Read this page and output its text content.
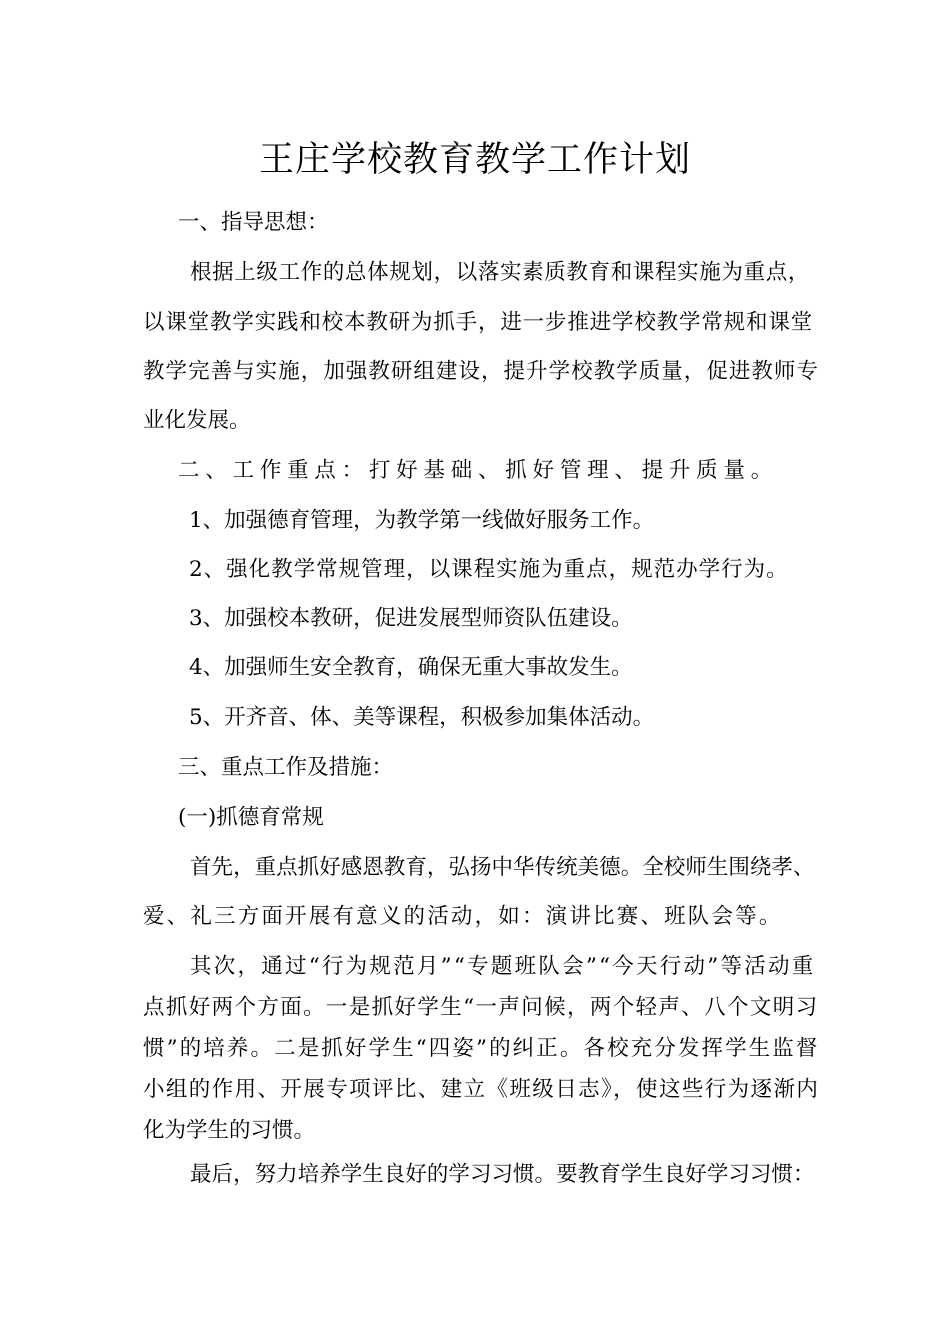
王庄学校教育教学工作计划
一、指导思想：
根据上级工作的总体规划，以落实素质教育和课程实施为重点，
以课堂教学实践和校本教研为抓手，进一步推进学校教学常规和课堂
教学完善与实施，加强教研组建设，提升学校教学质量，促进教师专
业化发展。
二、工作重点：打好基础、抓好管理、提升质量。
1、加强德育管理，为教学第一线做好服务工作。
2、强化教学常规管理，以课程实施为重点，规范办学行为。
3、加强校本教研，促进发展型师资队伍建设。
4、加强师生安全教育，确保无重大事故发生。
5、开齐音、体、美等课程，积极参加集体活动。
三、重点工作及措施：
(一)抓德育常规
首先，重点抓好感恩教育，弘扬中华传统美德。全校师生围绕孝、
爱、礼三方面开展有意义的活动，如：演讲比赛、班队会等。
其次，通过“行为规范月”“专题班队会”“今天行动”等活动重
点抓好两个方面。一是抓好学生“一声问候，两个轻声、八个文明习
惯”的培养。二是抓好学生“四姿”的纠正。各校充分发挥学生监督
小组的作用、开展专项评比、建立《班级日志》，使这些行为逐渐内
化为学生的习惯。
最后，努力培养学生良好的学习习惯。要教育学生良好学习习惯：
